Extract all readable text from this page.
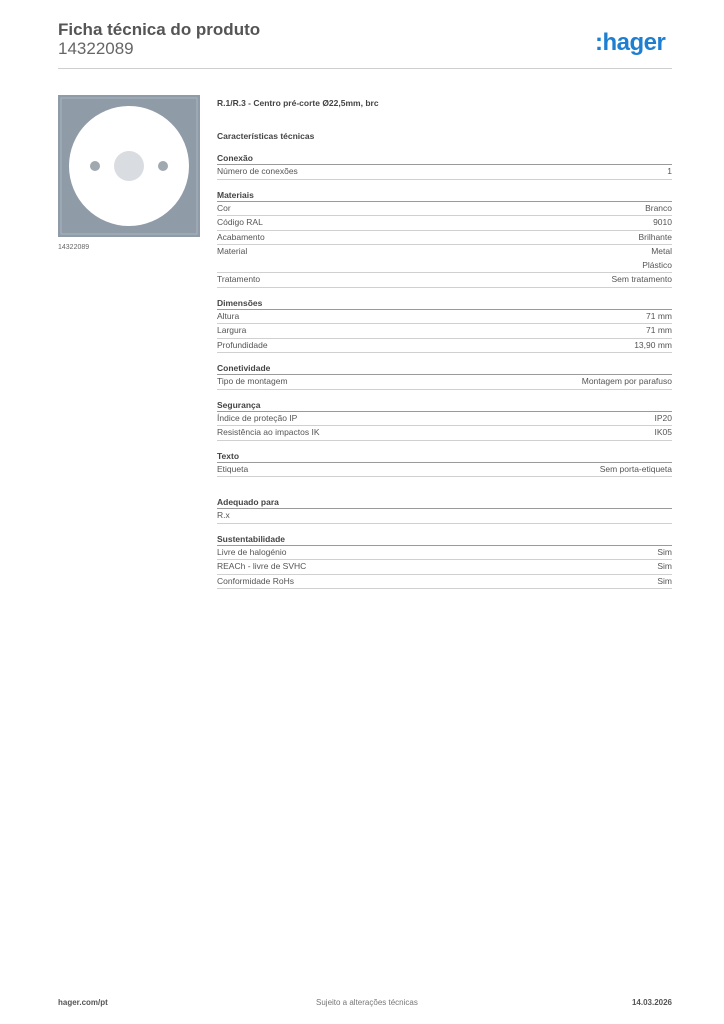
Ficha técnica do produto
14322089	:hager
14322089
R.1/R.3 - Centro pré-corte Ø22,5mm, brc
Características técnicas
Conexão
Número de conexões	1
Materiais
Cor	Branco
Código RAL	9010
Acabamento	Brilhante
Material	Metal
Plástico
Tratamento	Sem tratamento
Dimensões
Altura	71 mm
Largura	71 mm
Profundidade	13,90 mm
Conetividade
Tipo de montagem	Montagem por parafuso
Segurança
Índice de proteção IP	IP20
Resistência ao impactos IK	IK05
Texto
Etiqueta	Sem porta-etiqueta
Adequado para
R.x
Sustentabilidade
Livre de halogénio	Sim
REACh - livre de SVHC	Sim
Conformidade RoHs	Sim
hager.com/pt	Sujeito a alterações técnicas	14.03.2026
